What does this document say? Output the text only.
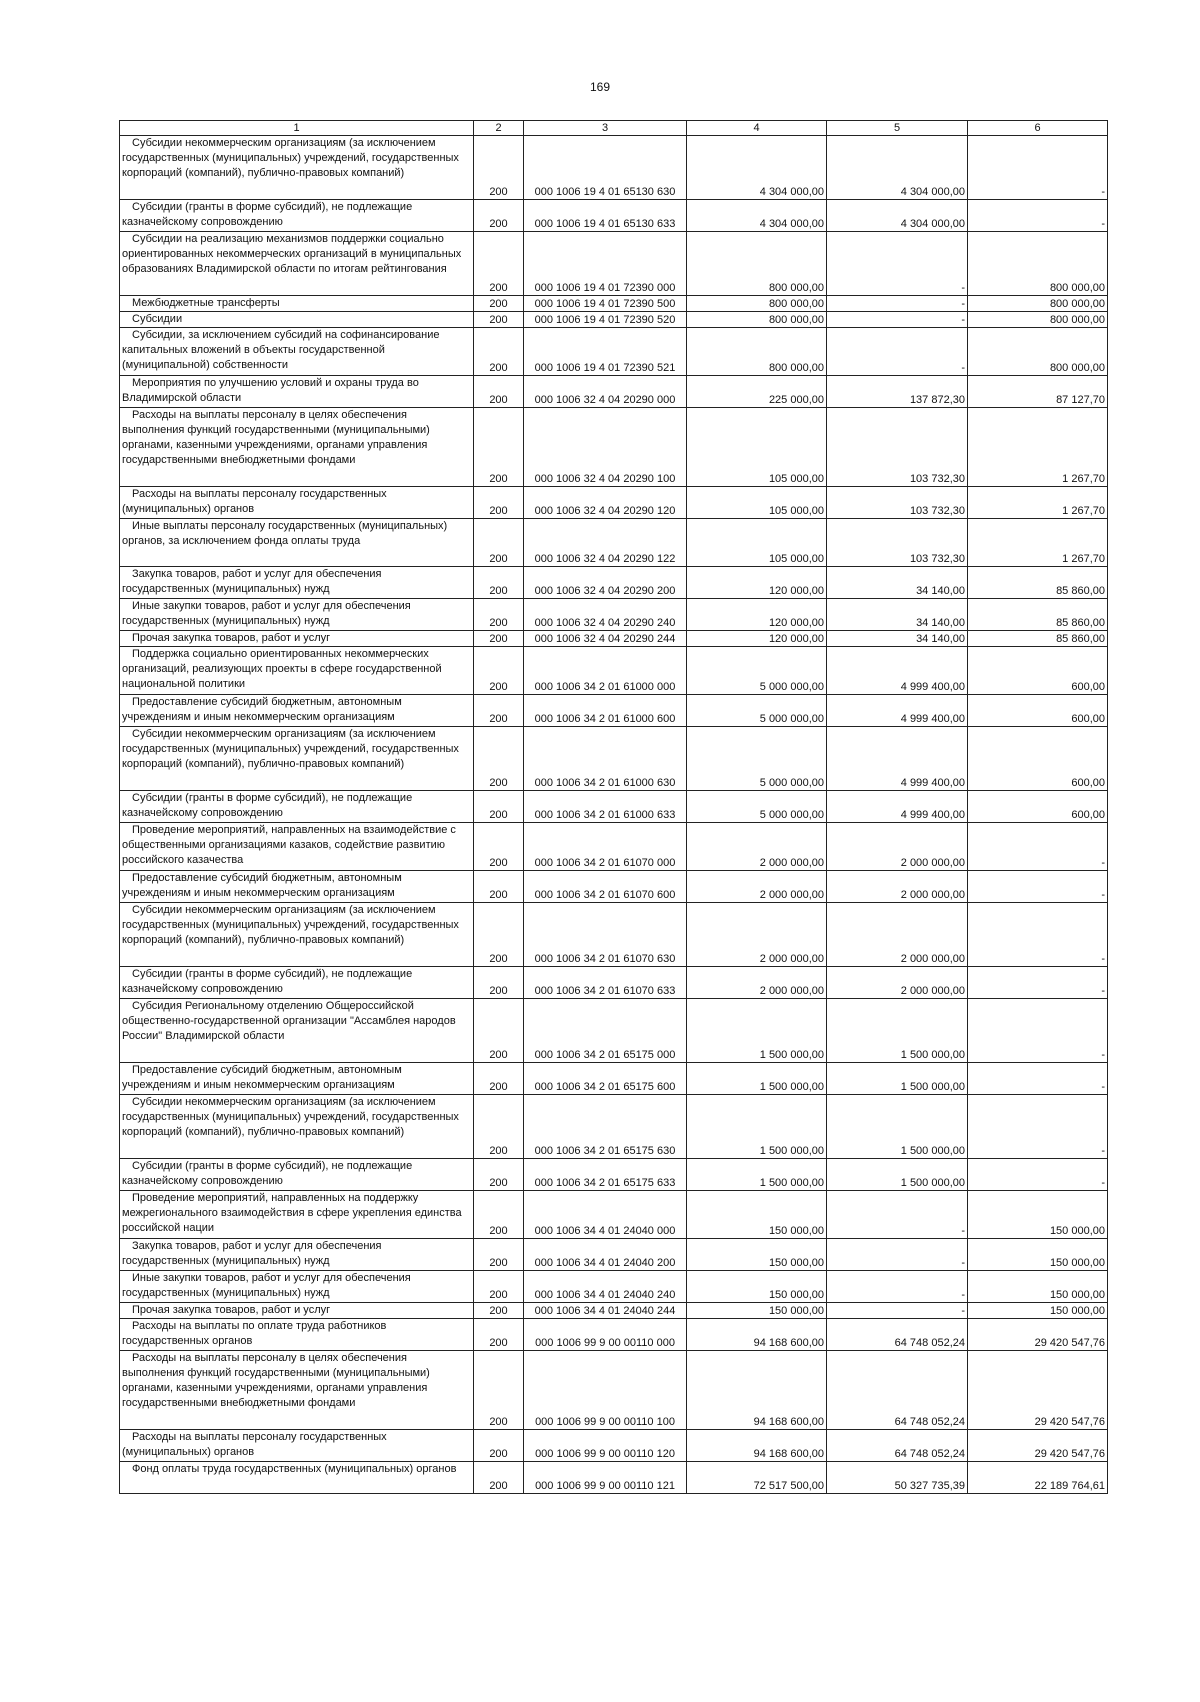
169
1	2	3	4	5	6
Субсидии некоммерческим организациям (за исключением государственных (муниципальных) учреждений, государственных корпораций (компаний), публично-правовых компаний)	200	000 1006 19 4 01 65130 630	4 304 000,00	4 304 000,00	-
Субсидии (гранты в форме субсидий), не подлежащие казначейскому сопровождению	200	000 1006 19 4 01 65130 633	4 304 000,00	4 304 000,00	-
Субсидии на реализацию механизмов поддержки социально ориентированных некоммерческих организаций в муниципальных образованиях Владимирской области по итогам рейтингования	200	000 1006 19 4 01 72390 000	800 000,00	-	800 000,00
Межбюджетные трансферты	200	000 1006 19 4 01 72390 500	800 000,00	-	800 000,00
Субсидии	200	000 1006 19 4 01 72390 520	800 000,00	-	800 000,00
Субсидии, за исключением субсидий на софинансирование капитальных вложений в объекты государственной (муниципальной) собственности	200	000 1006 19 4 01 72390 521	800 000,00	-	800 000,00
Мероприятия по улучшению условий и охраны труда во Владимирской области	200	000 1006 32 4 04 20290 000	225 000,00	137 872,30	87 127,70
Расходы на выплаты персоналу в целях обеспечения выполнения функций государственными (муниципальными) органами, казенными учреждениями, органами управления государственными внебюджетными фондами	200	000 1006 32 4 04 20290 100	105 000,00	103 732,30	1 267,70
Расходы на выплаты персоналу государственных (муниципальных) органов	200	000 1006 32 4 04 20290 120	105 000,00	103 732,30	1 267,70
Иные выплаты персоналу государственных (муниципальных) органов, за исключением фонда оплаты труда	200	000 1006 32 4 04 20290 122	105 000,00	103 732,30	1 267,70
Закупка товаров, работ и услуг для обеспечения государственных (муниципальных) нужд	200	000 1006 32 4 04 20290 200	120 000,00	34 140,00	85 860,00
Иные закупки товаров, работ и услуг для обеспечения государственных (муниципальных) нужд	200	000 1006 32 4 04 20290 240	120 000,00	34 140,00	85 860,00
Прочая закупка товаров, работ и услуг	200	000 1006 32 4 04 20290 244	120 000,00	34 140,00	85 860,00
Поддержка социально ориентированных некоммерческих организаций, реализующих проекты в сфере государственной национальной политики	200	000 1006 34 2 01 61000 000	5 000 000,00	4 999 400,00	600,00
Предоставление субсидий бюджетным, автономным учреждениям и иным некоммерческим организациям	200	000 1006 34 2 01 61000 600	5 000 000,00	4 999 400,00	600,00
Субсидии некоммерческим организациям (за исключением государственных (муниципальных) учреждений, государственных корпораций (компаний), публично-правовых компаний)	200	000 1006 34 2 01 61000 630	5 000 000,00	4 999 400,00	600,00
Субсидии (гранты в форме субсидий), не подлежащие казначейскому сопровождению	200	000 1006 34 2 01 61000 633	5 000 000,00	4 999 400,00	600,00
Проведение мероприятий, направленных на взаимодействие с общественными организациями казаков, содействие развитию российского казачества	200	000 1006 34 2 01 61070 000	2 000 000,00	2 000 000,00	-
Предоставление субсидий бюджетным, автономным учреждениям и иным некоммерческим организациям	200	000 1006 34 2 01 61070 600	2 000 000,00	2 000 000,00	-
Субсидии некоммерческим организациям (за исключением государственных (муниципальных) учреждений, государственных корпораций (компаний), публично-правовых компаний)	200	000 1006 34 2 01 61070 630	2 000 000,00	2 000 000,00	-
Субсидии (гранты в форме субсидий), не подлежащие казначейскому сопровождению	200	000 1006 34 2 01 61070 633	2 000 000,00	2 000 000,00	-
Субсидия Региональному отделению Общероссийской общественно-государственной организации "Ассамблея народов России" Владимирской области	200	000 1006 34 2 01 65175 000	1 500 000,00	1 500 000,00	-
Предоставление субсидий бюджетным, автономным учреждениям и иным некоммерческим организациям	200	000 1006 34 2 01 65175 600	1 500 000,00	1 500 000,00	-
Субсидии некоммерческим организациям (за исключением государственных (муниципальных) учреждений, государственных корпораций (компаний), публично-правовых компаний)	200	000 1006 34 2 01 65175 630	1 500 000,00	1 500 000,00	-
Субсидии (гранты в форме субсидий), не подлежащие казначейскому сопровождению	200	000 1006 34 2 01 65175 633	1 500 000,00	1 500 000,00	-
Проведение мероприятий, направленных на поддержку межрегионального взаимодействия в сфере укрепления единства российской нации	200	000 1006 34 4 01 24040 000	150 000,00	-	150 000,00
Закупка товаров, работ и услуг для обеспечения государственных (муниципальных) нужд	200	000 1006 34 4 01 24040 200	150 000,00	-	150 000,00
Иные закупки товаров, работ и услуг для обеспечения государственных (муниципальных) нужд	200	000 1006 34 4 01 24040 240	150 000,00	-	150 000,00
Прочая закупка товаров, работ и услуг	200	000 1006 34 4 01 24040 244	150 000,00	-	150 000,00
Расходы на выплаты по оплате труда работников государственных органов	200	000 1006 99 9 00 00110 000	94 168 600,00	64 748 052,24	29 420 547,76
Расходы на выплаты персоналу в целях обеспечения выполнения функций государственными (муниципальными) органами, казенными учреждениями, органами управления государственными внебюджетными фондами	200	000 1006 99 9 00 00110 100	94 168 600,00	64 748 052,24	29 420 547,76
Расходы на выплаты персоналу государственных (муниципальных) органов	200	000 1006 99 9 00 00110 120	94 168 600,00	64 748 052,24	29 420 547,76
Фонд оплаты труда государственных (муниципальных) органов	200	000 1006 99 9 00 00110 121	72 517 500,00	50 327 735,39	22 189 764,61
